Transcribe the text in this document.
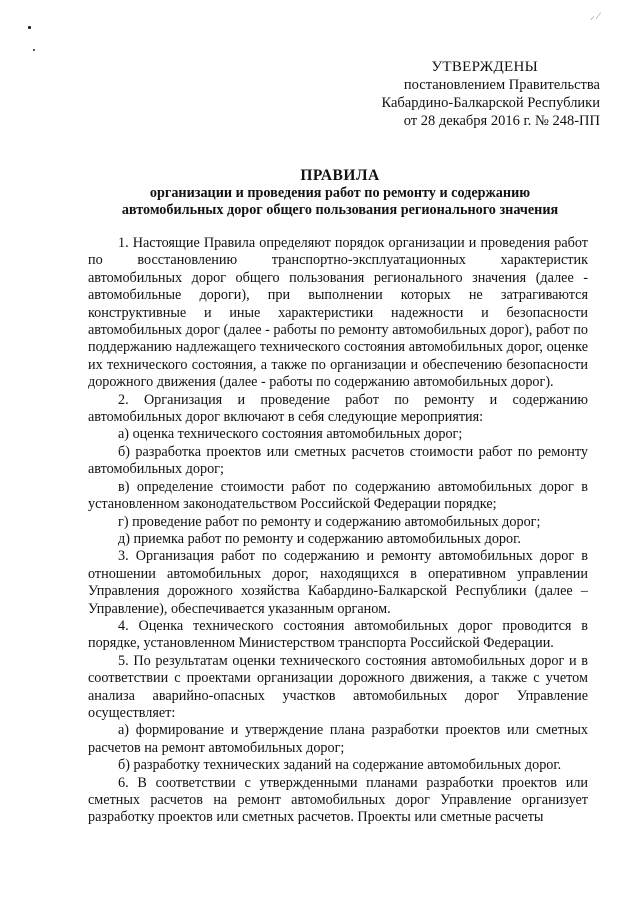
⸝ ∕
УТВЕРЖДЕНЫ
постановлением Правительства
Кабардино-Балкарской Республики
от 28 декабря 2016 г. № 248-ПП
ПРАВИЛА
организации и проведения работ по ремонту и содержанию
автомобильных дорог общего пользования регионального значения

1. Настоящие Правила определяют порядок организации и проведения работ по восстановлению транспортно-эксплуатационных характеристик автомобильных дорог общего пользования регионального значения (далее - автомобильные дороги), при выполнении которых не затрагиваются конструктивные и иные характеристики надежности и безопасности автомобильных дорог (далее - работы по ремонту автомобильных дорог), работ по поддержанию надлежащего технического состояния автомобильных дорог, оценке их технического состояния, а также по организации и обеспечению безопасности дорожного движения (далее - работы по содержанию автомобильных дорог).

2. Организация и проведение работ по ремонту и содержанию автомобильных дорог включают в себя следующие мероприятия:

а) оценка технического состояния автомобильных дорог;

б) разработка проектов или сметных расчетов стоимости работ по ремонту автомобильных дорог;

в) определение стоимости работ по содержанию автомобильных дорог в установленном законодательством Российской Федерации порядке;

г) проведение работ по ремонту и содержанию автомобильных дорог;

д) приемка работ по ремонту и содержанию автомобильных дорог.

3. Организация работ по содержанию и ремонту автомобильных дорог в отношении автомобильных дорог, находящихся в оперативном управлении Управления дорожного хозяйства Кабардино-Балкарской Республики (далее – Управление), обеспечивается указанным органом.

4. Оценка технического состояния автомобильных дорог проводится в порядке, установленном Министерством транспорта Российской Федерации.

5. По результатам оценки технического состояния автомобильных дорог и в соответствии с проектами организации дорожного движения, а также с учетом анализа аварийно-опасных участков автомобильных дорог Управление осуществляет:

а) формирование и утверждение плана разработки проектов или сметных расчетов на ремонт автомобильных дорог;

б) разработку технических заданий на содержание автомобильных дорог.

6. В соответствии с утвержденными планами разработки проектов или сметных расчетов на ремонт автомобильных дорог Управление организует разработку проектов или сметных расчетов. Проекты или сметные расчеты
